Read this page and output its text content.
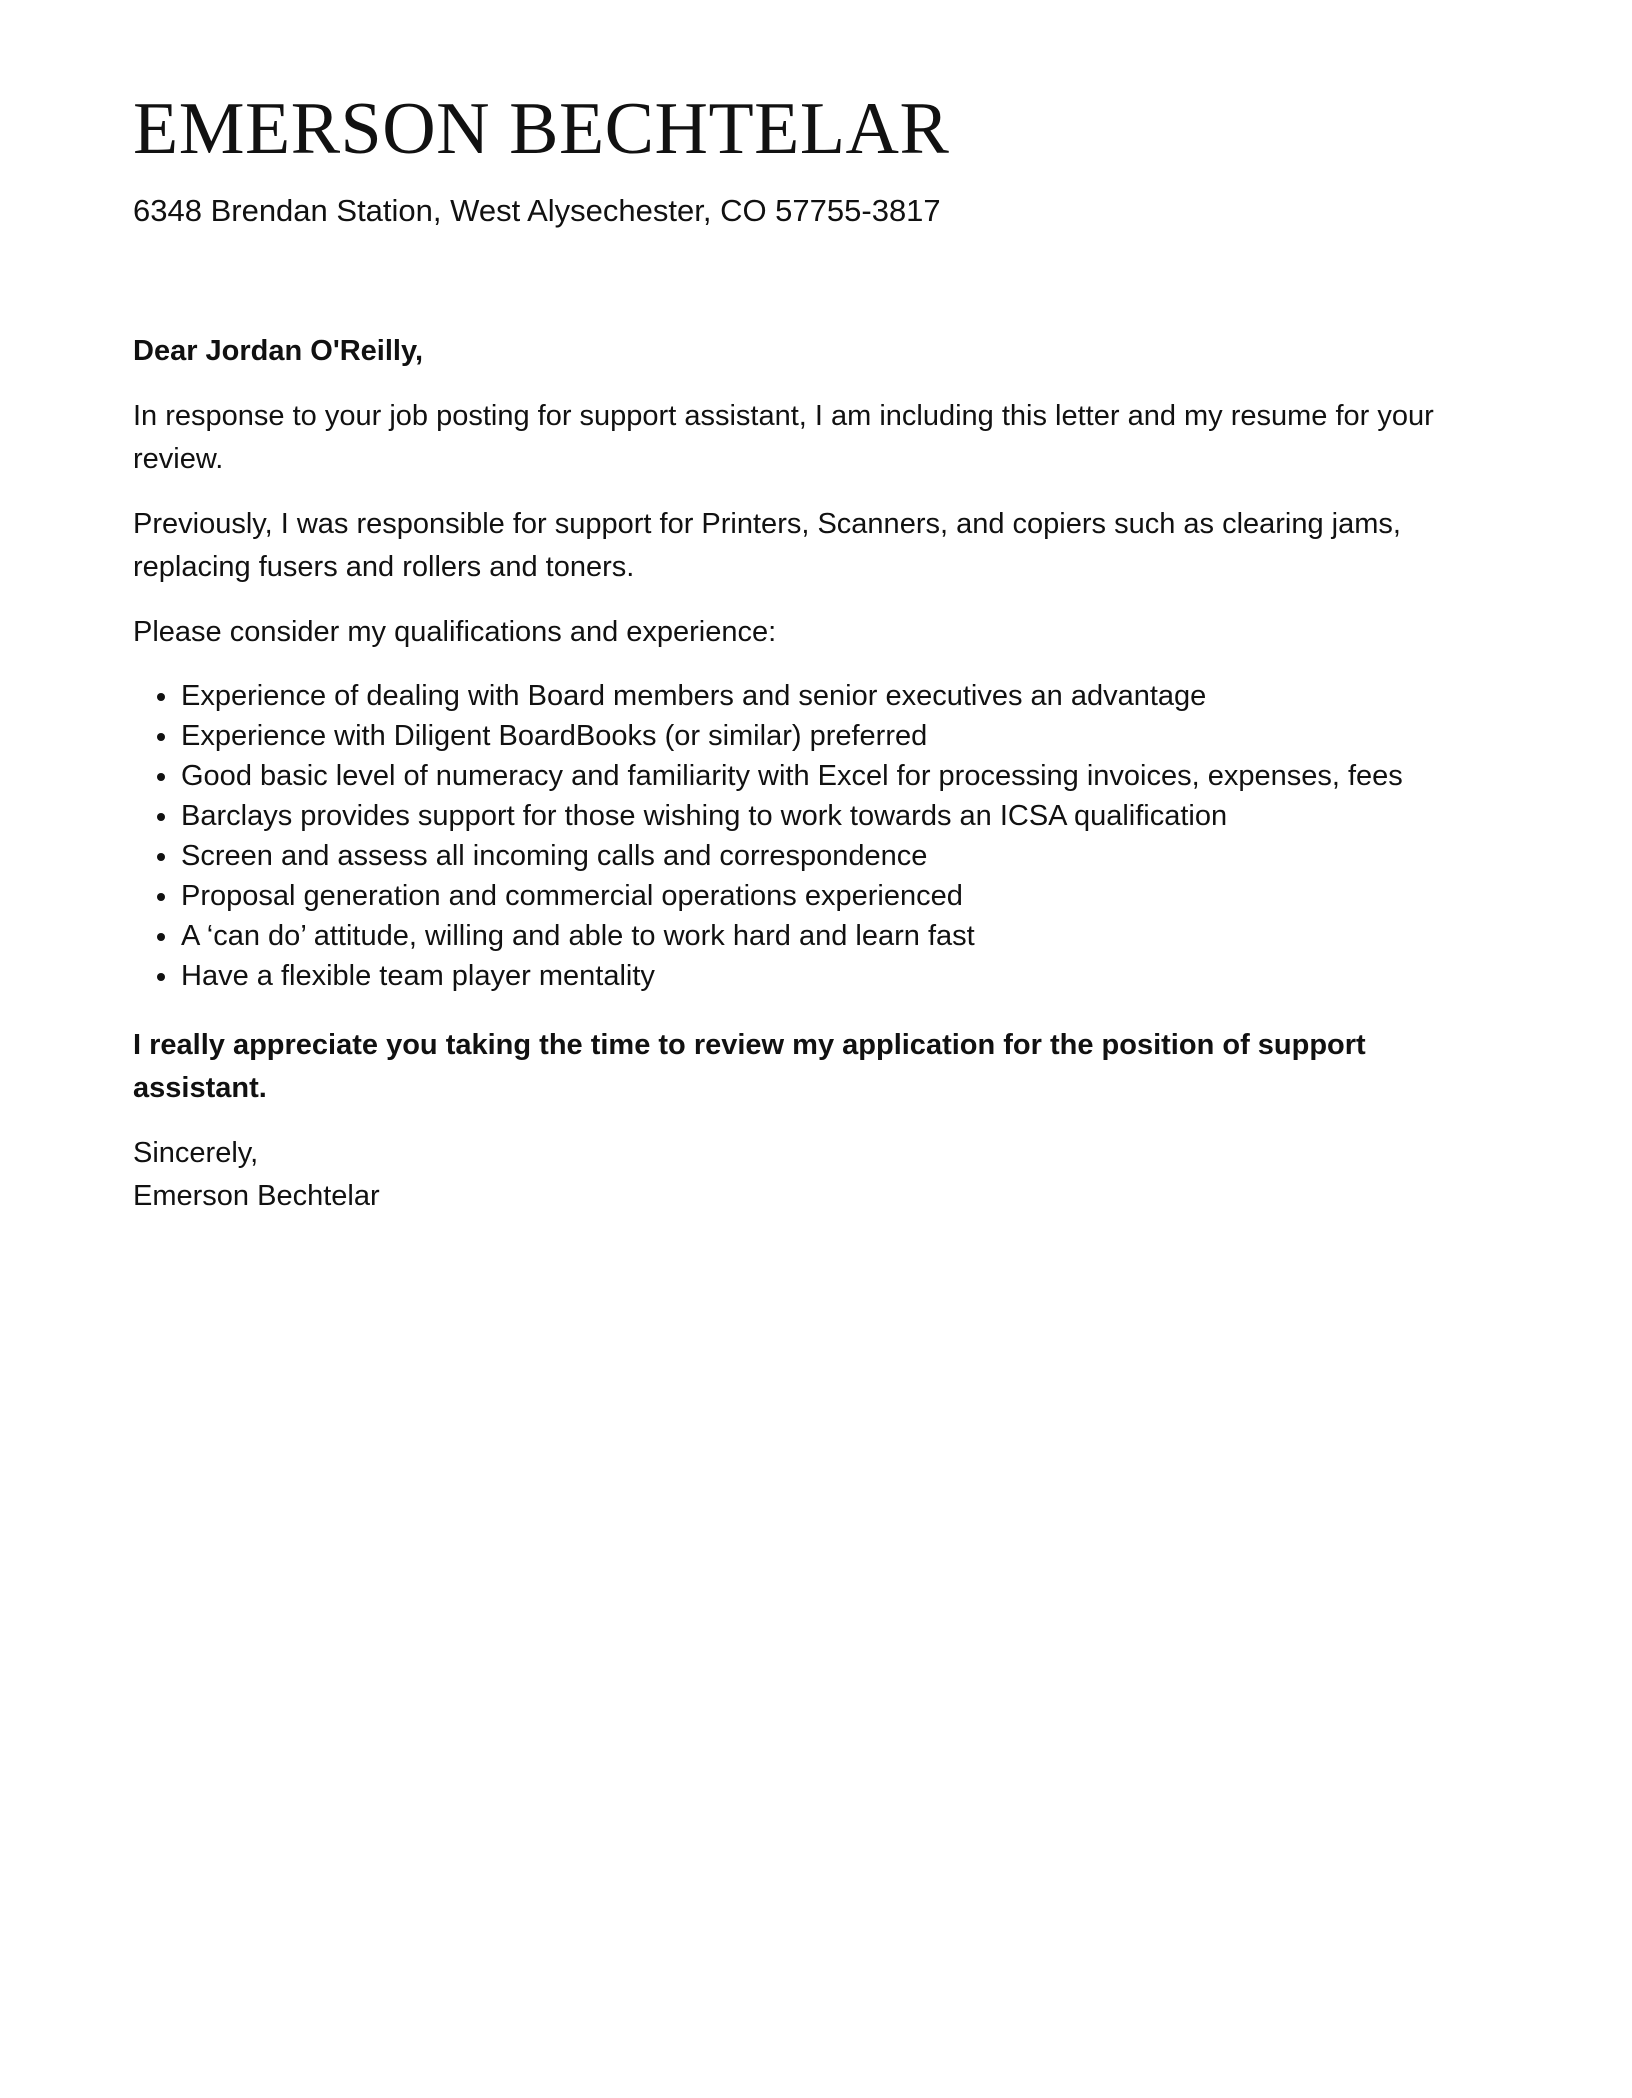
EMERSON BECHTELAR
6348 Brendan Station, West Alysechester, CO 57755-3817

Dear Jordan O'Reilly,

In response to your job posting for support assistant, I am including this letter and my resume for your review.

Previously, I was responsible for support for Printers, Scanners, and copiers such as clearing jams, replacing fusers and rollers and toners.

Please consider my qualifications and experience:

Experience of dealing with Board members and senior executives an advantage
Experience with Diligent BoardBooks (or similar) preferred
Good basic level of numeracy and familiarity with Excel for processing invoices, expenses, fees
Barclays provides support for those wishing to work towards an ICSA qualification
Screen and assess all incoming calls and correspondence
Proposal generation and commercial operations experienced
A ‘can do’ attitude, willing and able to work hard and learn fast
Have a flexible team player mentality

I really appreciate you taking the time to review my application for the position of support assistant.

Sincerely,
Emerson Bechtelar
